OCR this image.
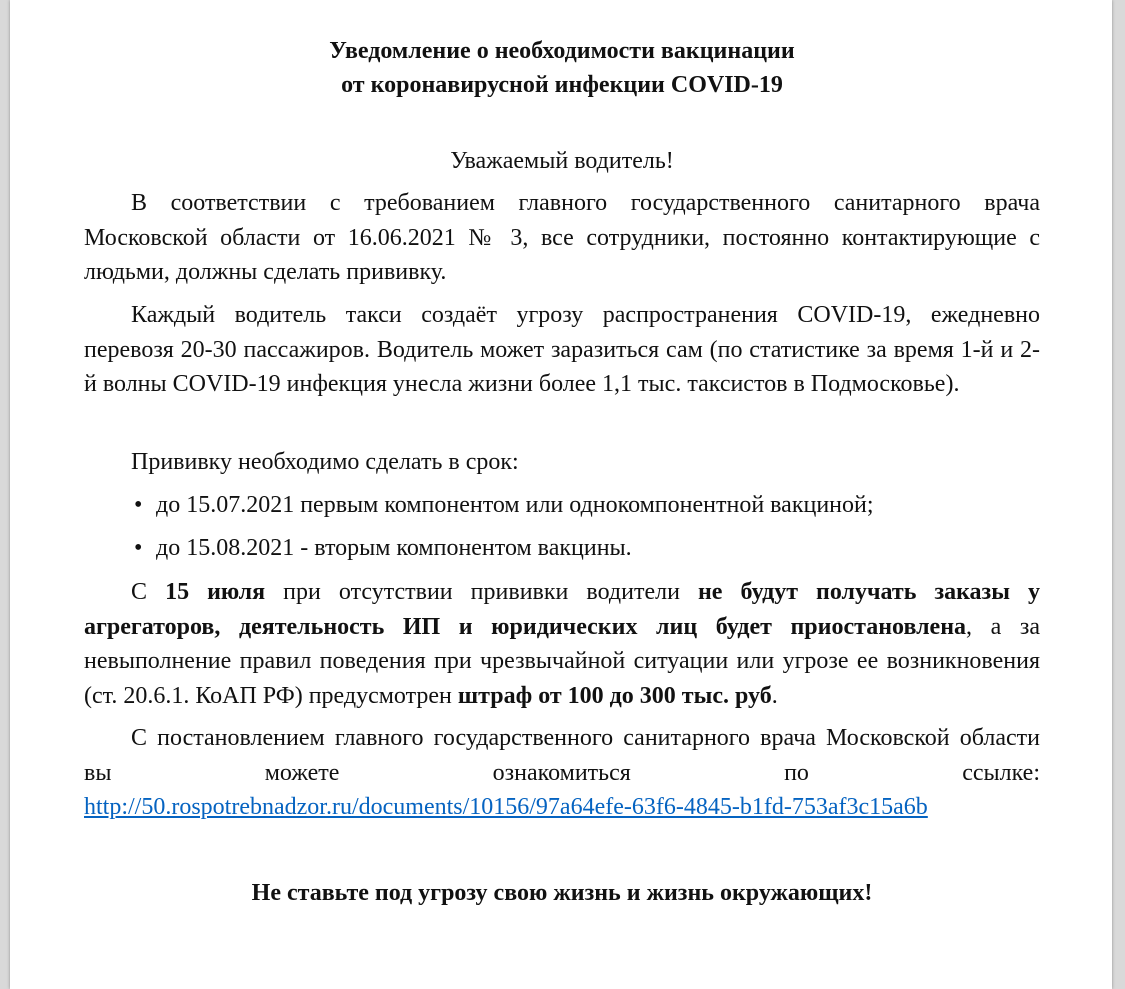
Уведомление о необходимости вакцинации
от коронавирусной инфекции COVID-19
Уважаемый водитель!
В соответствии с требованием главного государственного санитарного врача Московской области от 16.06.2021 № 3, все сотрудники, постоянно контактирующие с людьми, должны сделать прививку.
Каждый водитель такси создаёт угрозу распространения COVID-19, ежедневно перевозя 20-30 пассажиров. Водитель может заразиться сам (по статистике за время 1-й и 2-й волны COVID-19 инфекция унесла жизни более 1,1 тыс. таксистов в Подмосковье).
Прививку необходимо сделать в срок:
• до 15.07.2021 первым компонентом или однокомпонентной вакциной;
• до 15.08.2021 - вторым компонентом вакцины.
С 15 июля при отсутствии прививки водители не будут получать заказы у агрегаторов, деятельность ИП и юридических лиц будет приостановлена, а за невыполнение правил поведения при чрезвычайной ситуации или угрозе ее возникновения (ст. 20.6.1. КоАП РФ) предусмотрен штраф от 100 до 300 тыс. руб.
С постановлением главного государственного санитарного врача Московской области вы можете ознакомиться по ссылке:
http://50.rospotrebnadzor.ru/documents/10156/97a64efe-63f6-4845-b1fd-753af3c15a6b
Не ставьте под угрозу свою жизнь и жизнь окружающих!
